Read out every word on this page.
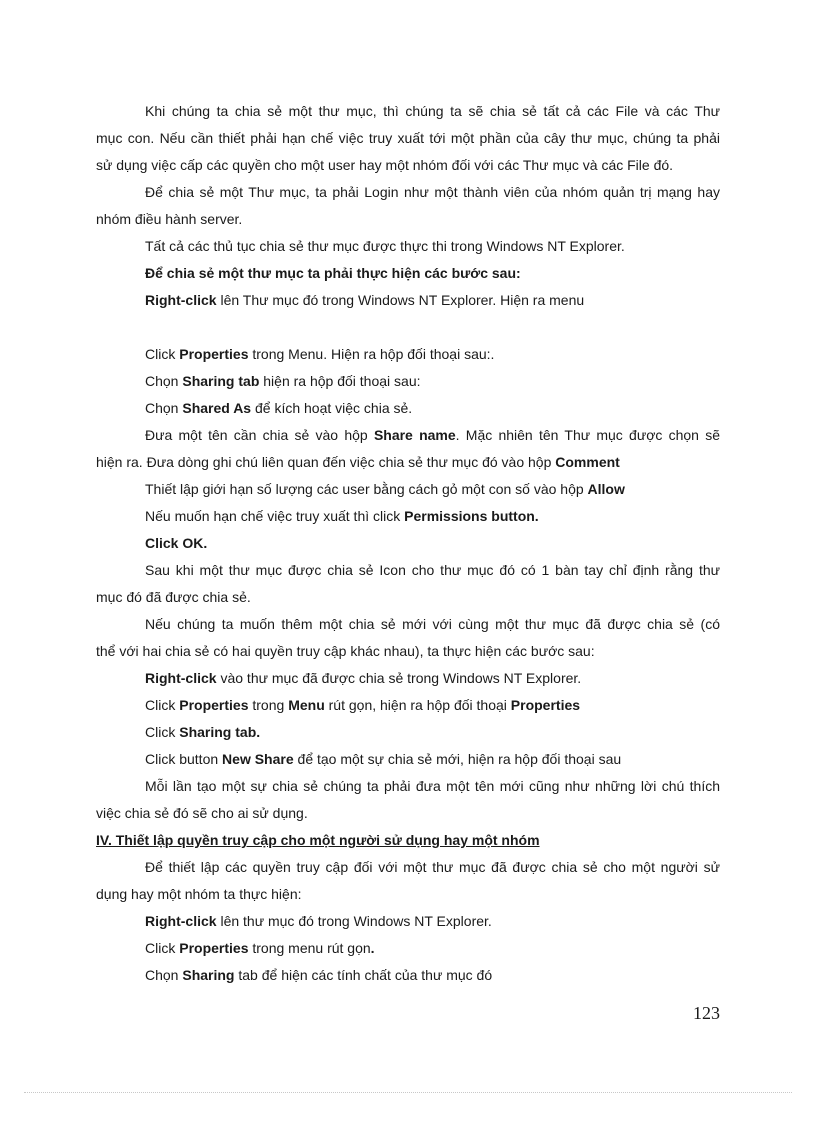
Khi chúng ta chia sẻ một thư mục, thì chúng ta sẽ chia sẻ tất cả các File và các Thư
mục con. Nếu cần thiết phải hạn chế việc truy xuất tới một phần của cây thư mục, chúng ta phải
sử dụng việc cấp các quyền cho một user hay một nhóm đối với các Thư mục và các File đó.
Để chia sẻ một Thư mục, ta phải Login như một thành viên của nhóm quản trị mạng hay
nhóm điều hành server.
Tất cả các thủ tục chia sẻ thư mục được thực thi trong Windows NT Explorer.
Để chia sẻ một thư mục ta phải thực hiện các bước sau:
Right-click lên Thư mục đó trong Windows NT Explorer. Hiện ra menu
Click Properties trong Menu. Hiện ra hộp đối thoại sau:.
Chọn Sharing tab hiện ra hộp đối thoại sau:
Chọn Shared As để kích hoạt việc chia sẻ.
Đưa một tên cần chia sẻ vào hộp Share name. Mặc nhiên tên Thư mục được chọn sẽ
hiện ra. Đưa dòng ghi chú liên quan đến việc chia sẻ thư mục đó vào hộp Comment
Thiết lập giới hạn số lượng các user bằng cách gỏ một con số vào hộp Allow
Nếu muốn hạn chế việc truy xuất thì click Permissions button.
Click OK.
Sau khi một thư mục được chia sẻ Icon cho thư mục đó có 1 bàn tay chỉ định rằng thư
mục đó đã được chia sẻ.
Nếu chúng ta muốn thêm một chia sẻ mới với cùng một thư mục đã được chia sẻ (có
thể với hai chia sẻ có hai quyền truy cập khác nhau), ta thực hiện các bước sau:
Right-click vào thư mục đã được chia sẻ trong Windows NT Explorer.
Click Properties trong Menu rút gọn, hiện ra hộp đối thoại Properties
Click Sharing tab.
Click button New Share để tạo một sự chia sẻ mới, hiện ra hộp đối thoại sau
Mỗi lần tạo một sự chia sẻ chúng ta phải đưa một tên mới cũng như những lời chú thích
việc chia sẻ đó sẽ cho ai sử dụng.
IV. Thiết lập quyền truy cập cho một người sử dụng hay một nhóm
Để thiết lập các quyền truy cập đối với một thư mục đã được chia sẻ cho một người sử
dụng hay một nhóm ta thực hiện:
Right-click lên thư mục đó trong Windows NT Explorer.
Click Properties trong menu rút gọn.
Chọn Sharing tab để hiện các tính chất của thư mục đó
123
